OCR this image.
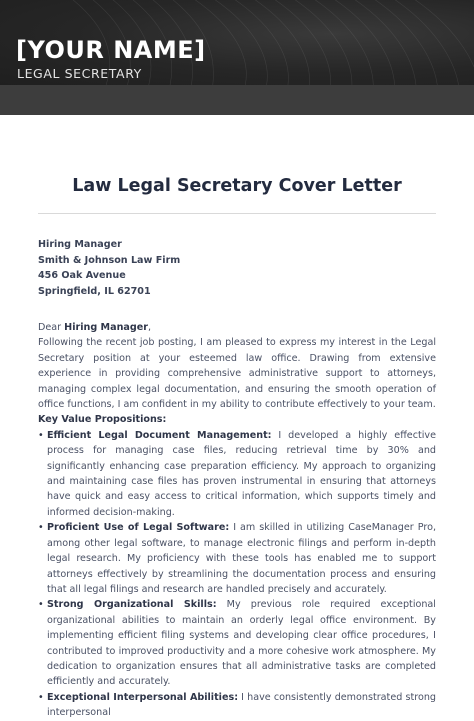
[YOUR NAME]
LEGAL SECRETARY
Law Legal Secretary Cover Letter
Hiring Manager
Smith & Johnson Law Firm
456 Oak Avenue
Springfield, IL 62701

Dear Hiring Manager,

Following the recent job posting, I am pleased to express my interest in the Legal Secretary position at your esteemed law office. Drawing from extensive experience in providing comprehensive administrative support to attorneys, managing complex legal documentation, and ensuring the smooth operation of office functions, I am confident in my ability to contribute effectively to your team.

Key Value Propositions:

• Efficient Legal Document Management: I developed a highly effective process for managing case files, reducing retrieval time by 30% and significantly enhancing case preparation efficiency. My approach to organizing and maintaining case files has proven instrumental in ensuring that attorneys have quick and easy access to critical information, which supports timely and informed decision-making.
• Proficient Use of Legal Software: I am skilled in utilizing CaseManager Pro, among other legal software, to manage electronic filings and perform in-depth legal research. My proficiency with these tools has enabled me to support attorneys effectively by streamlining the documentation process and ensuring that all legal filings and research are handled precisely and accurately.
• Strong Organizational Skills: My previous role required exceptional organizational abilities to maintain an orderly legal office environment. By implementing efficient filing systems and developing clear office procedures, I contributed to improved productivity and a more cohesive work atmosphere. My dedication to organization ensures that all administrative tasks are completed efficiently and accurately.
• Exceptional Interpersonal Abilities: I have consistently demonstrated strong interpersonal
